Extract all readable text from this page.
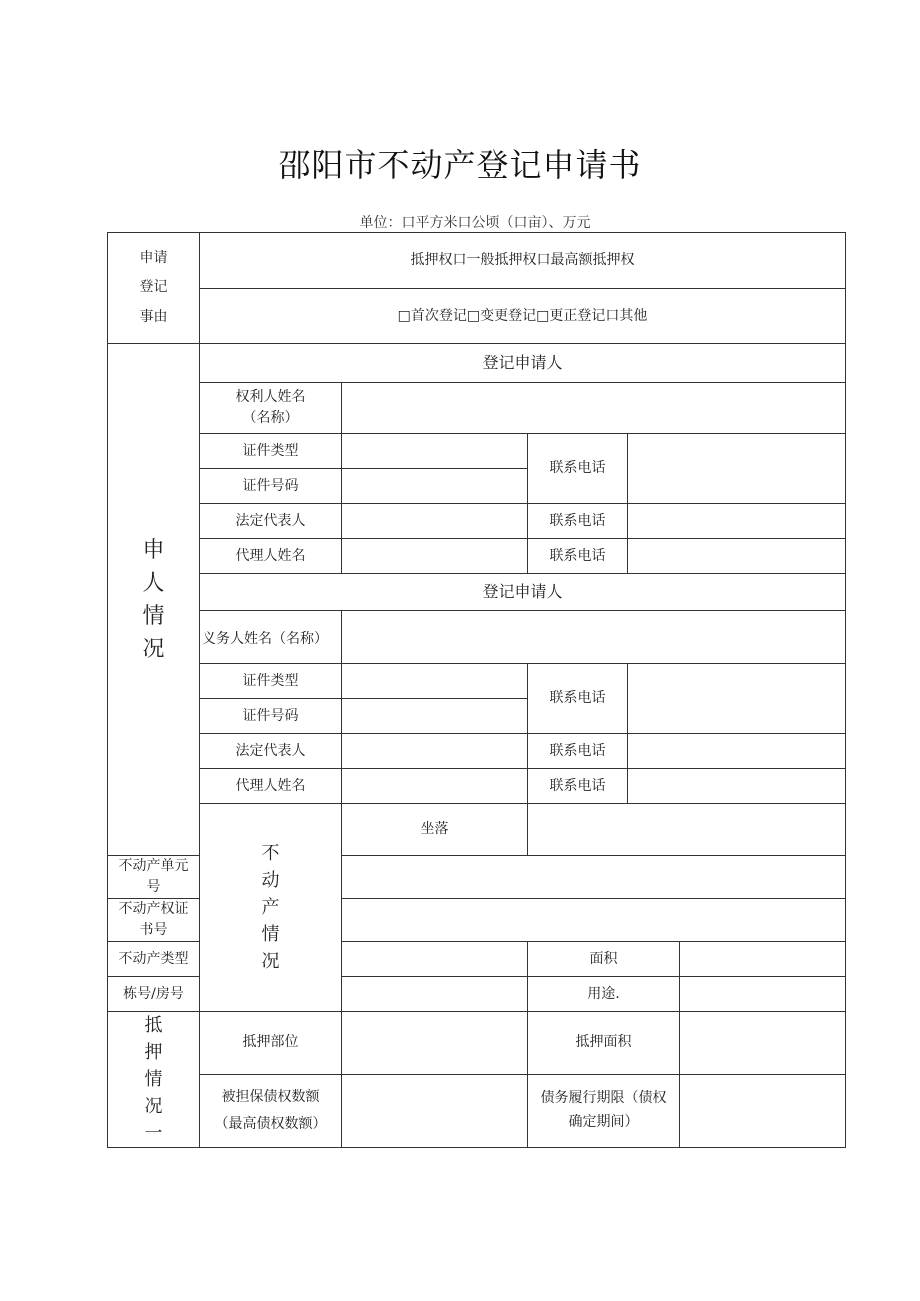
邵阳市不动产登记申请书
单位：口平方米口公顷（口亩）、万元
申请
登记
事由	抵押权口一般抵押权口最高额抵押权				
	□首次登记□变更登记□更正登记口其他				

申
人
情
况	登记申请人				

	权利人姓名
（名称）				

	证件类型		联系电话		
	证件号码				
	法定代表人		联系电话		
	代理人姓名		联系电话		
	登记申请人				
	义务人姓名（名称）				
	证件类型		联系电话		
	证件号码				
	法定代表人		联系电话		
	代理人姓名		联系电话		

	不
动
产
情
况	坐落			
不动产单元号					
不动产权证书号					
不动产类型			面积		
栋号/房号			用途.		

抵
押
情
况
一	抵押部位		抵押面积		

	被担保债权数额
（最高债权数额）		债务履行期限（债权
确定期间）		
